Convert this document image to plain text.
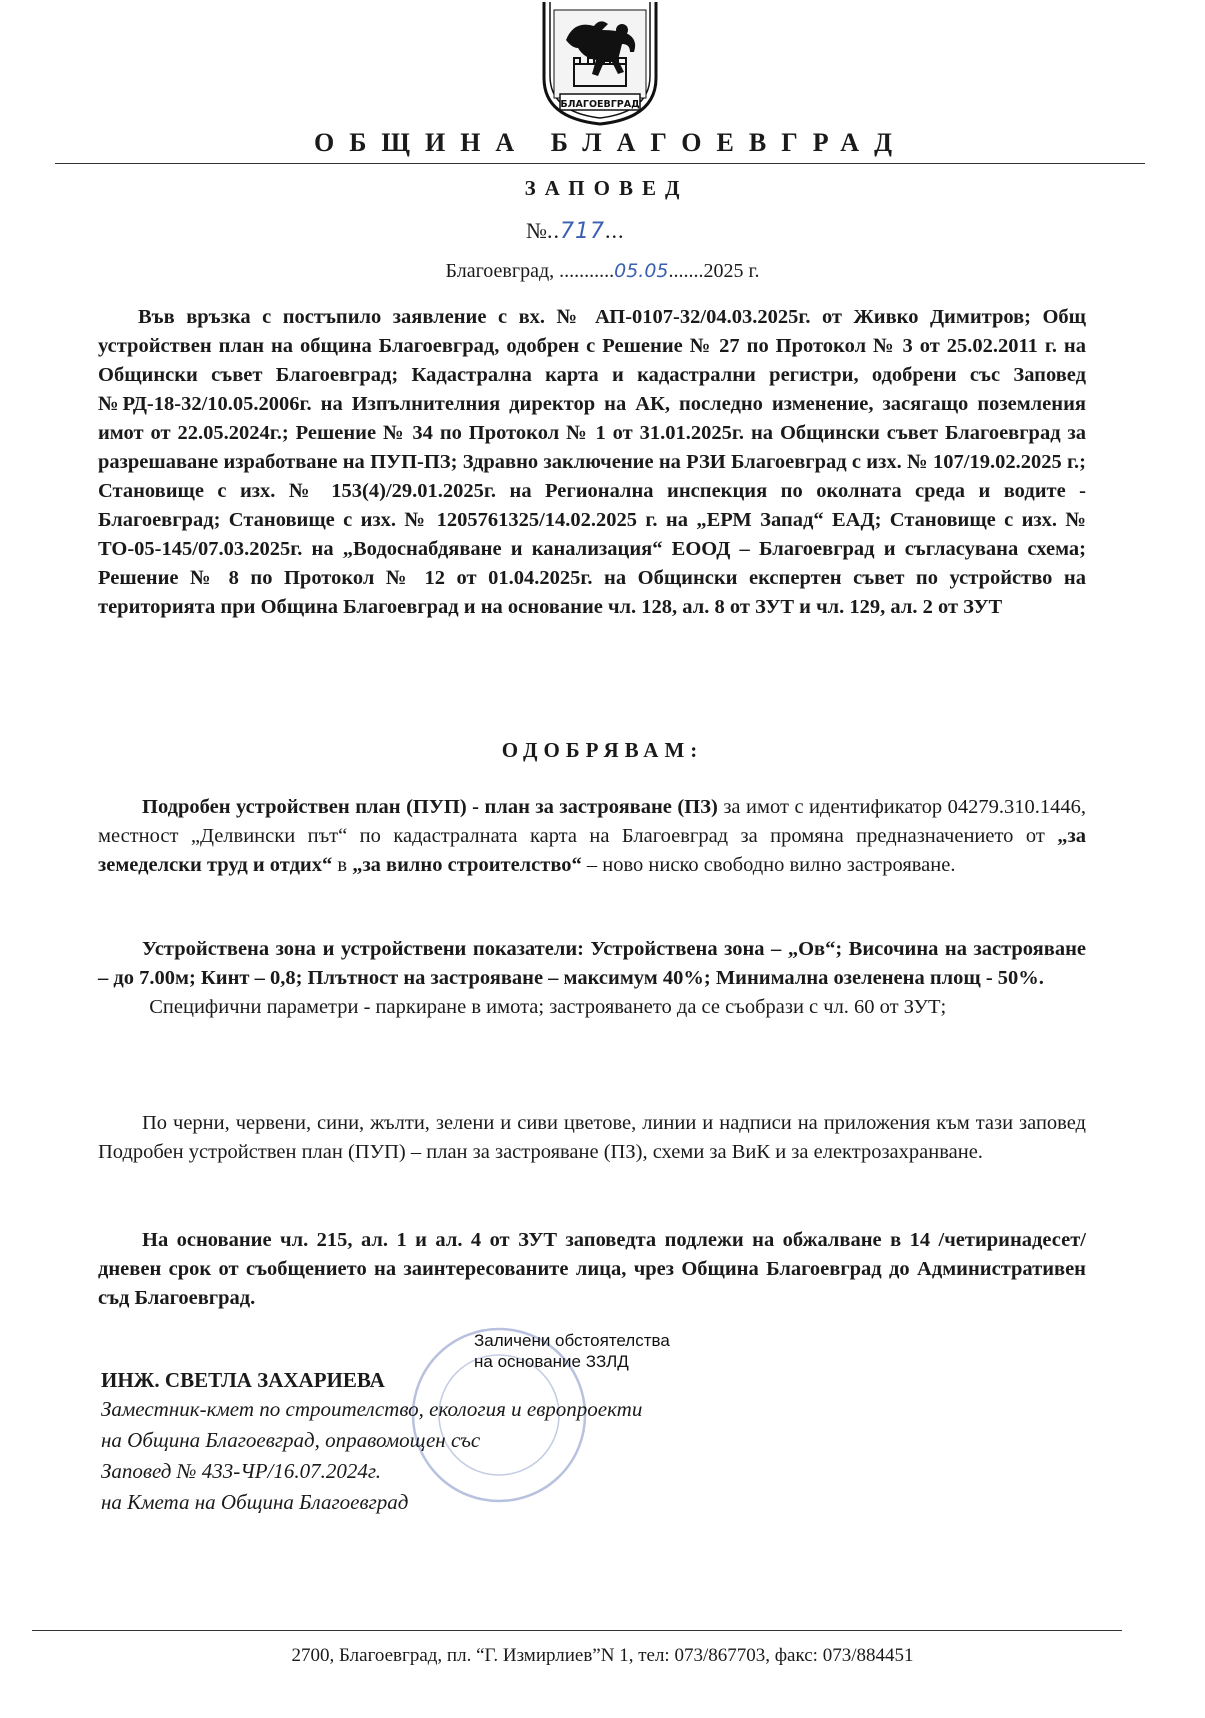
БЛАГОЕВГРАД
ОБЩИНА БЛАГОЕВГРАД
ЗАПОВЕД
№..717...
Благоевград, ...........05.05.......2025 г.
Във връзка с постъпило заявление с вх. № АП-0107-32/04.03.2025г. от Живко Димитров; Общ устройствен план на община Благоевград, одобрен с Решение № 27 по Протокол № 3 от 25.02.2011 г. на Общински съвет Благоевград; Кадастрална карта и кадастрални регистри, одобрени със Заповед №РД-18-32/10.05.2006г. на Изпълнителния директор на АК, последно изменение, засягащо поземления имот от 22.05.2024г.; Решение № 34 по Протокол № 1 от 31.01.2025г. на Общински съвет Благоевград за разрешаване изработване на ПУП-ПЗ; Здравно заключение на РЗИ Благоевград с изх. № 107/19.02.2025 г.; Становище с изх. № 153(4)/29.01.2025г. на Регионална инспекция по околната среда и водите - Благоевград; Становище с изх. № 1205761325/14.02.2025 г. на „ЕРМ Запад“ ЕАД; Становище с изх. № ТО-05-145/07.03.2025г. на „Водоснабдяване и канализация“ ЕООД – Благоевград и съгласувана схема; Решение № 8 по Протокол № 12 от 01.04.2025г. на Общински експертен съвет по устройство на територията при Община Благоевград и на основание чл. 128, ал. 8 от ЗУТ и чл. 129, ал. 2 от ЗУТ
ОДОБРЯВАМ:
Подробен устройствен план (ПУП) - план за застрояване (ПЗ) за имот с идентификатор 04279.310.1446, местност „Делвински път“ по кадастралната карта на Благоевград за промяна предназначението от „за земеделски труд и отдих“ в „за вилно строителство“ – ново ниско свободно вилно застрояване.
Устройствена зона и устройствени показатели: Устройствена зона – „Ов“; Височина на застрояване – до 7.00м; Кинт – 0,8; Плътност на застрояване – максимум 40%; Минимална озеленена площ - 50%.
Специфични параметри - паркиране в имота; застрояването да се съобрази с чл. 60 от ЗУТ;
По черни, червени, сини, жълти, зелени и сиви цветове, линии и надписи на приложения към тази заповед Подробен устройствен план (ПУП) – план за застрояване (ПЗ), схеми за ВиК и за електрозахранване.
На основание чл. 215, ал. 1 и ал. 4 от ЗУТ заповедта подлежи на обжалване в 14 /четиринадесет/ дневен срок от съобщението на заинтересованите лица, чрез Община Благоевград до Административен съд Благоевград.
Заличени обстоятелства
на основание ЗЗЛД
ИНЖ. СВЕТЛА ЗАХАРИЕВА
Заместник-кмет по строителство, екология и европроекти
на Община Благоевград, оправомощен със
Заповед № 433-ЧР/16.07.2024г.
на Кмета на Община Благоевград
2700, Благоевград, пл. “Г. Измирлиев”N 1, тел: 073/867703, факс: 073/884451
